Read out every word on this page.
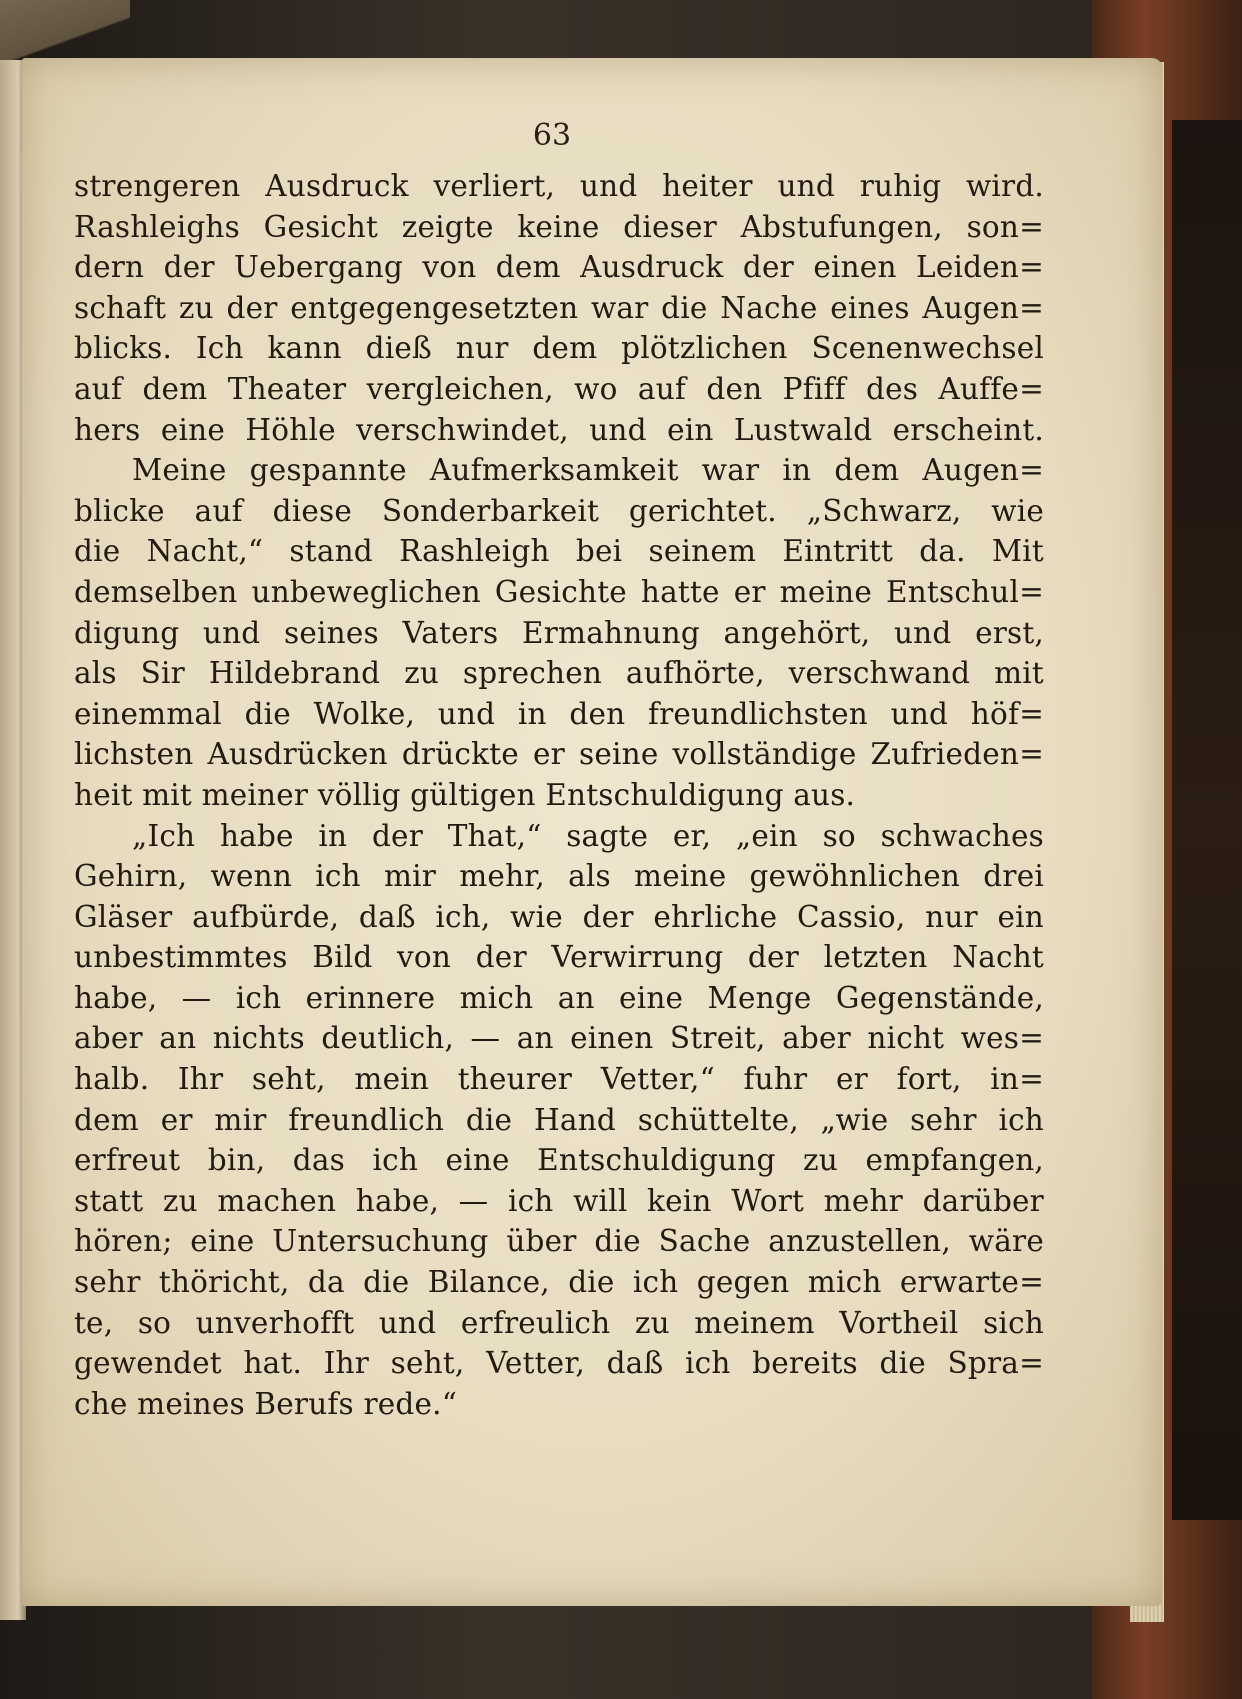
63
strengeren Ausdruck verliert, und heiter und ruhig wird.
Rashleighs Gesicht zeigte keine dieser Abstufungen, son=
dern der Uebergang von dem Ausdruck der einen Leiden=
schaft zu der entgegengesetzten war die Nache eines Augen=
blicks. Ich kann dieß nur dem plötzlichen Scenenwechsel
auf dem Theater vergleichen, wo auf den Pfiff des Auffe=
hers eine Höhle verschwindet, und ein Lustwald erscheint.
Meine gespannte Aufmerksamkeit war in dem Augen=
blicke auf diese Sonderbarkeit gerichtet. „Schwarz, wie
die Nacht,“ stand Rashleigh bei seinem Eintritt da. Mit
demselben unbeweglichen Gesichte hatte er meine Entschul=
digung und seines Vaters Ermahnung angehört, und erst,
als Sir Hildebrand zu sprechen aufhörte, verschwand mit
einemmal die Wolke, und in den freundlichsten und höf=
lichsten Ausdrücken drückte er seine vollständige Zufrieden=
heit mit meiner völlig gültigen Entschuldigung aus.
„Ich habe in der That,“ sagte er, „ein so schwaches
Gehirn, wenn ich mir mehr, als meine gewöhnlichen drei
Gläser aufbürde, daß ich, wie der ehrliche Cassio, nur ein
unbestimmtes Bild von der Verwirrung der letzten Nacht
habe, — ich erinnere mich an eine Menge Gegenstände,
aber an nichts deutlich, — an einen Streit, aber nicht wes=
halb. Ihr seht, mein theurer Vetter,“ fuhr er fort, in=
dem er mir freundlich die Hand schüttelte, „wie sehr ich
erfreut bin, das ich eine Entschuldigung zu empfangen,
statt zu machen habe, — ich will kein Wort mehr darüber
hören; eine Untersuchung über die Sache anzustellen, wäre
sehr thöricht, da die Bilance, die ich gegen mich erwarte=
te, so unverhofft und erfreulich zu meinem Vortheil sich
gewendet hat. Ihr seht, Vetter, daß ich bereits die Spra=
che meines Berufs rede.“
